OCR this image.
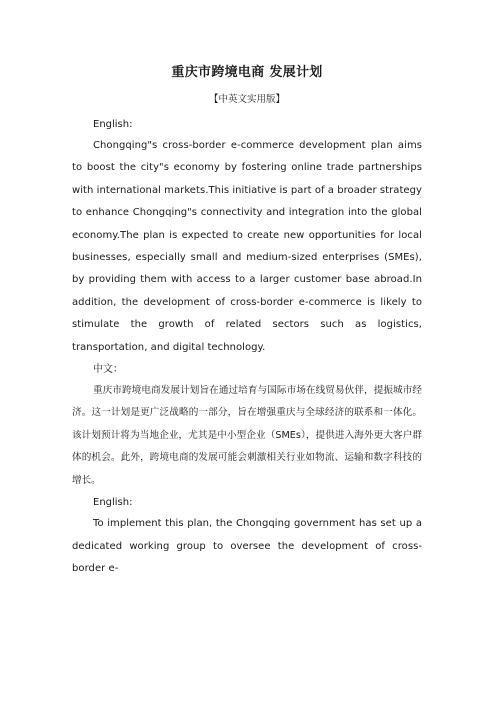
重庆市跨境电商 发展计划

【中英文实用版】

English:

Chongqing"s cross-border e-commerce development plan aims to boost the city"s economy by fostering online trade partnerships with international markets.This initiative is part of a broader strategy to enhance Chongqing"s connectivity and integration into the global economy.The plan is expected to create new opportunities for local businesses, especially small and medium-sized enterprises (SMEs), by providing them with access to a larger customer base abroad.In addition, the development of cross-border e-commerce is likely to stimulate the growth of related sectors such as logistics, transportation, and digital technology.

中文：

重庆市跨境电商发展计划旨在通过培育与国际市场在线贸易伙伴，提振城市经济。这一计划是更广泛战略的一部分，旨在增强重庆与全球经济的联系和一体化。该计划预计将为当地企业，尤其是中小型企业（SMEs），提供进入海外更大客户群体的机会。此外，跨境电商的发展可能会刺激相关行业如物流、运输和数字科技的增长。

English:

To implement this plan, the Chongqing government has set up a dedicated working group to oversee the development of cross-border e-
